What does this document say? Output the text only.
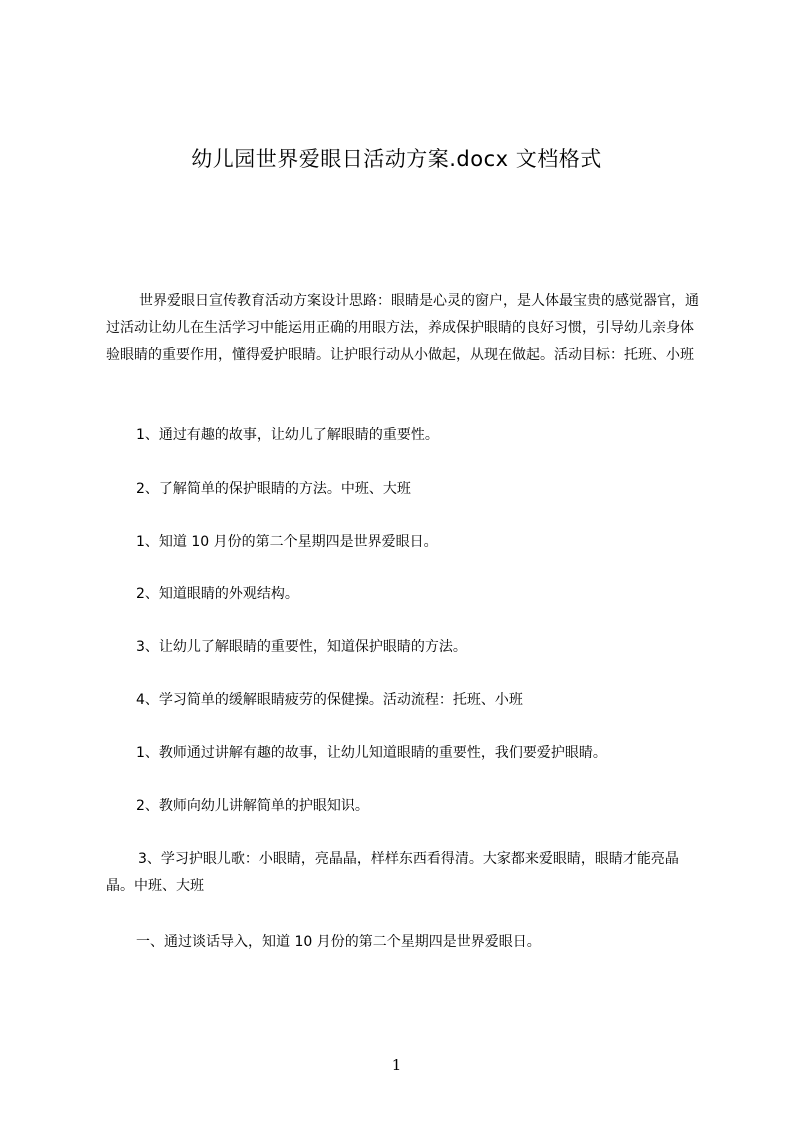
幼儿园世界爱眼日活动方案.docx 文档格式

世界爱眼日宣传教育活动方案设计思路：眼睛是心灵的窗户，是人体最宝贵的感觉器官，通过活动让幼儿在生活学习中能运用正确的用眼方法，养成保护眼睛的良好习惯，引导幼儿亲身体验眼睛的重要作用，懂得爱护眼睛。让护眼行动从小做起，从现在做起。活动目标：托班、小班

1、通过有趣的故事，让幼儿了解眼睛的重要性。
2、了解简单的保护眼睛的方法。中班、大班
1、知道 10 月份的第二个星期四是世界爱眼日。
2、知道眼睛的外观结构。
3、让幼儿了解眼睛的重要性，知道保护眼睛的方法。
4、学习简单的缓解眼睛疲劳的保健操。活动流程：托班、小班
1、教师通过讲解有趣的故事，让幼儿知道眼睛的重要性，我们要爱护眼睛。
2、教师向幼儿讲解简单的护眼知识。

3、学习护眼儿歌：小眼睛，亮晶晶，样样东西看得清。大家都来爱眼睛，眼睛才能亮晶晶。中班、大班

一、通过谈话导入，知道 10 月份的第二个星期四是世界爱眼日。
1
